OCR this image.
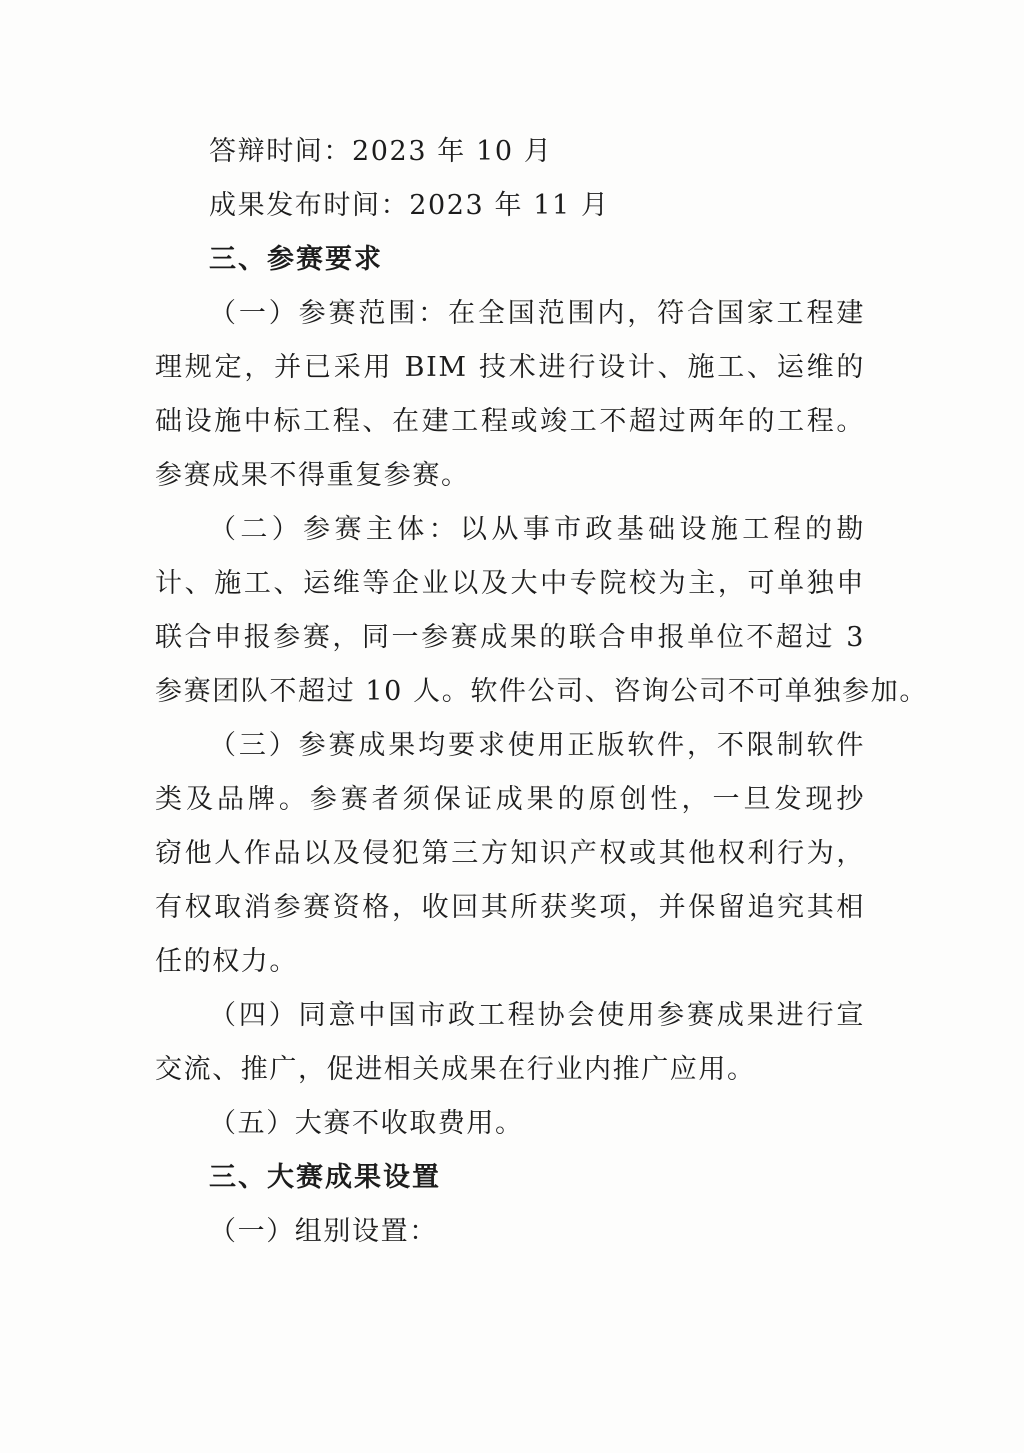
答辩时间：2023 年 10 月
成果发布时间：2023 年 11 月
三、参赛要求
（一）参赛范围：在全国范围内，符合国家工程建
理规定，并已采用 BIM 技术进行设计、施工、运维的
础设施中标工程、在建工程或竣工不超过两年的工程。
参赛成果不得重复参赛。
（二）参赛主体：以从事市政基础设施工程的勘
计、施工、运维等企业以及大中专院校为主，可单独申
联合申报参赛，同一参赛成果的联合申报单位不超过 3
参赛团队不超过 10 人。软件公司、咨询公司不可单独参加。
（三）参赛成果均要求使用正版软件，不限制软件
类及品牌。参赛者须保证成果的原创性，一旦发现抄
窃他人作品以及侵犯第三方知识产权或其他权利行为，
有权取消参赛资格，收回其所获奖项，并保留追究其相
任的权力。
（四）同意中国市政工程协会使用参赛成果进行宣
交流、推广，促进相关成果在行业内推广应用。
（五）大赛不收取费用。
三、大赛成果设置
（一）组别设置：
